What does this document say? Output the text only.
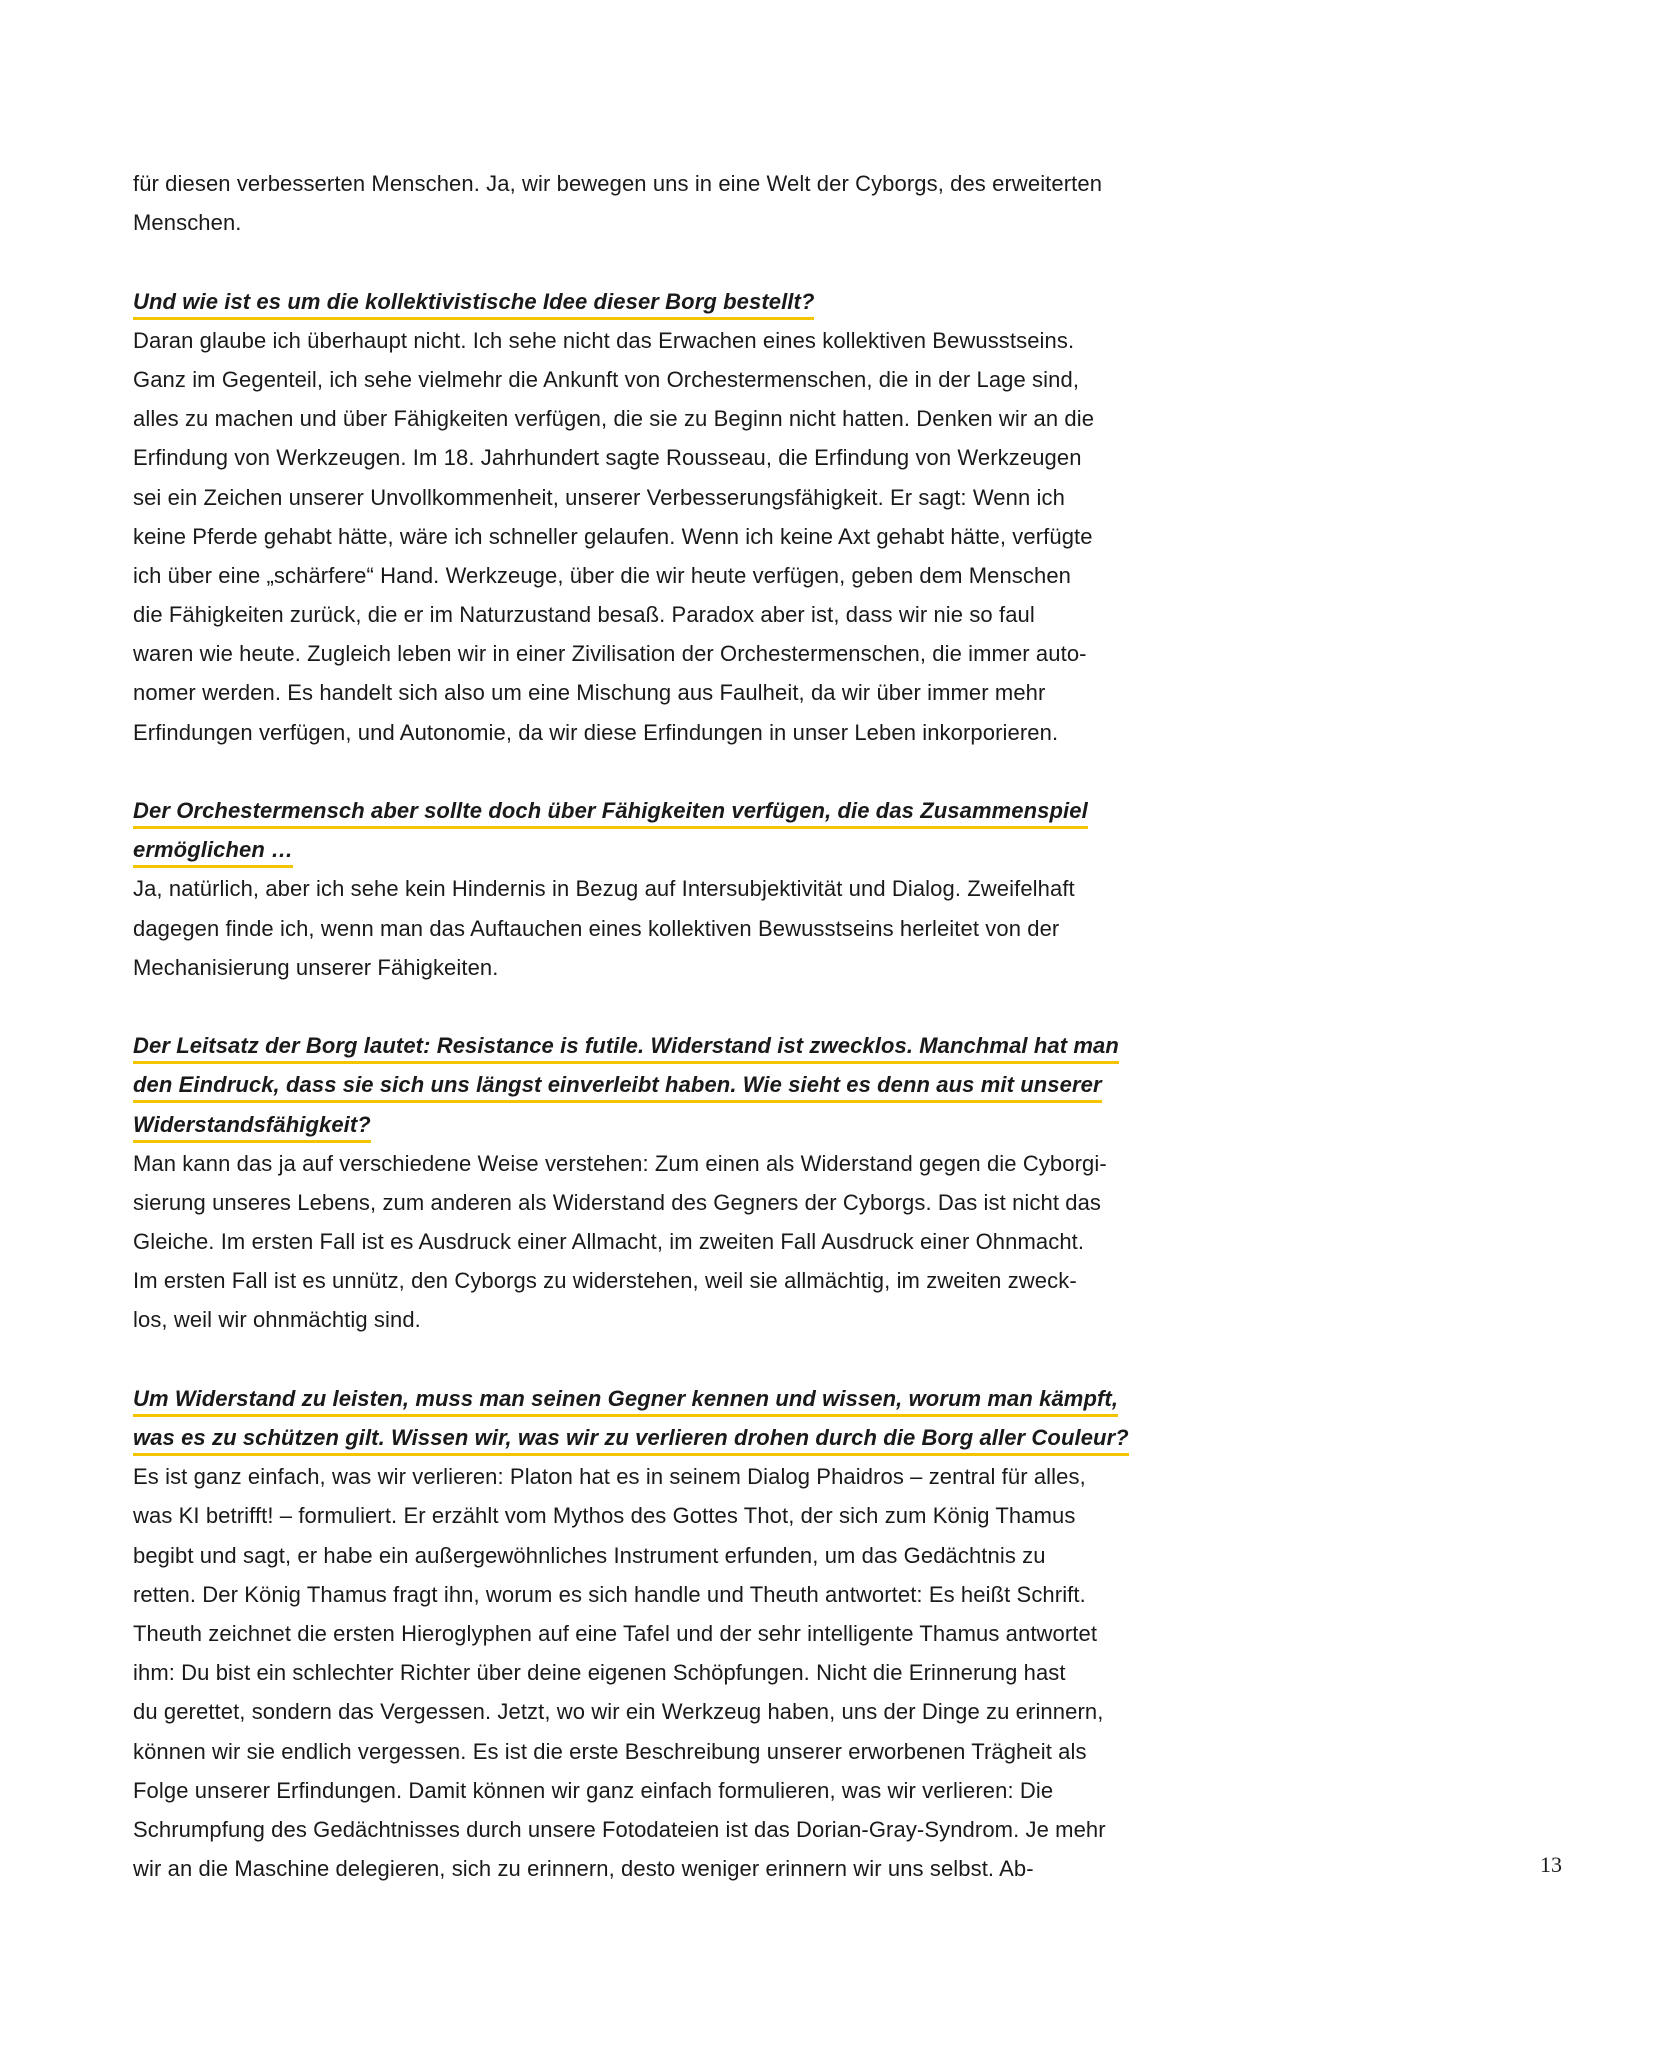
für diesen verbesserten Menschen. Ja, wir bewegen uns in eine Welt der Cyborgs, des erweiterten
Menschen.
Und wie ist es um die kollektivistische Idee dieser Borg bestellt?
Daran glaube ich überhaupt nicht. Ich sehe nicht das Erwachen eines kollektiven Bewusstseins.
Ganz im Gegenteil, ich sehe vielmehr die Ankunft von Orchestermenschen, die in der Lage sind,
alles zu machen und über Fähigkeiten verfügen, die sie zu Beginn nicht hatten. Denken wir an die
Erfindung von Werkzeugen. Im 18. Jahrhundert sagte Rousseau, die Erfindung von Werkzeugen
sei ein Zeichen unserer Unvollkommenheit, unserer Verbesserungsfähigkeit. Er sagt: Wenn ich
keine Pferde gehabt hätte, wäre ich schneller gelaufen. Wenn ich keine Axt gehabt hätte, verfügte
ich über eine „schärfere“ Hand. Werkzeuge, über die wir heute verfügen, geben dem Menschen
die Fähigkeiten zurück, die er im Naturzustand besaß. Paradox aber ist, dass wir nie so faul
waren wie heute. Zugleich leben wir in einer Zivilisation der Orchestermenschen, die immer auto-
nomer werden. Es handelt sich also um eine Mischung aus Faulheit, da wir über immer mehr
Erfindungen verfügen, und Autonomie, da wir diese Erfindungen in unser Leben inkorporieren.
Der Orchestermensch aber sollte doch über Fähigkeiten verfügen, die das Zusammenspiel
ermöglichen …
Ja, natürlich, aber ich sehe kein Hindernis in Bezug auf Intersubjektivität und Dialog. Zweifelhaft
dagegen finde ich, wenn man das Auftauchen eines kollektiven Bewusstseins herleitet von der
Mechanisierung unserer Fähigkeiten.
Der Leitsatz der Borg lautet: Resistance is futile. Widerstand ist zwecklos. Manchmal hat man
den Eindruck, dass sie sich uns längst einverleibt haben. Wie sieht es denn aus mit unserer
Widerstandsfähigkeit?
Man kann das ja auf verschiedene Weise verstehen: Zum einen als Widerstand gegen die Cyborgi-
sierung unseres Lebens, zum anderen als Widerstand des Gegners der Cyborgs. Das ist nicht das
Gleiche. Im ersten Fall ist es Ausdruck einer Allmacht, im zweiten Fall Ausdruck einer Ohnmacht.
Im ersten Fall ist es unnütz, den Cyborgs zu widerstehen, weil sie allmächtig, im zweiten zweck-
los, weil wir ohnmächtig sind.
Um Widerstand zu leisten, muss man seinen Gegner kennen und wissen, worum man kämpft,
was es zu schützen gilt. Wissen wir, was wir zu verlieren drohen durch die Borg aller Couleur?
Es ist ganz einfach, was wir verlieren: Platon hat es in seinem Dialog Phaidros – zentral für alles,
was KI betrifft! – formuliert. Er erzählt vom Mythos des Gottes Thot, der sich zum König Thamus
begibt und sagt, er habe ein außergewöhnliches Instrument erfunden, um das Gedächtnis zu
retten. Der König Thamus fragt ihn, worum es sich handle und Theuth antwortet: Es heißt Schrift.
Theuth zeichnet die ersten Hieroglyphen auf eine Tafel und der sehr intelligente Thamus antwortet
ihm: Du bist ein schlechter Richter über deine eigenen Schöpfungen. Nicht die Erinnerung hast
du gerettet, sondern das Vergessen. Jetzt, wo wir ein Werkzeug haben, uns der Dinge zu erinnern,
können wir sie endlich vergessen. Es ist die erste Beschreibung unserer erworbenen Trägheit als
Folge unserer Erfindungen. Damit können wir ganz einfach formulieren, was wir verlieren: Die
Schrumpfung des Gedächtnisses durch unsere Fotodateien ist das Dorian-Gray-Syndrom. Je mehr
wir an die Maschine delegieren, sich zu erinnern, desto weniger erinnern wir uns selbst. Ab-	13
